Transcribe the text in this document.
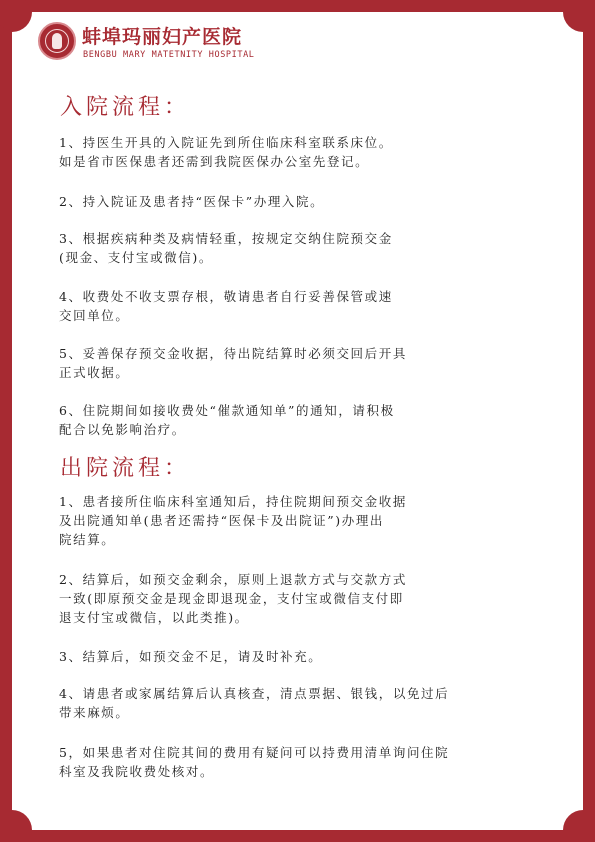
蚌埠玛丽妇产医院
BENGBU MARY MATETNITY HOSPITAL
入院流程：
1、持医生开具的入院证先到所住临床科室联系床位。
如是省市医保患者还需到我院医保办公室先登记。
2、持入院证及患者持“医保卡”办理入院。
3、根据疾病种类及病情轻重，按规定交纳住院预交金
(现金、支付宝或微信)。
4、收费处不收支票存根，敬请患者自行妥善保管或速
交回单位。
5、妥善保存预交金收据，待出院结算时必须交回后开具
正式收据。
6、住院期间如接收费处“催款通知单”的通知，请积极
配合以免影响治疗。
出院流程：
1、患者接所住临床科室通知后，持住院期间预交金收据
及出院通知单(患者还需持“医保卡及出院证”)办理出
院结算。
2、结算后，如预交金剩余，原则上退款方式与交款方式
一致(即原预交金是现金即退现金，支付宝或微信支付即
退支付宝或微信，以此类推)。
3、结算后，如预交金不足，请及时补充。
4、请患者或家属结算后认真核查，清点票据、银钱，以免过后
带来麻烦。
5，如果患者对住院其间的费用有疑问可以持费用清单询问住院
科室及我院收费处核对。
